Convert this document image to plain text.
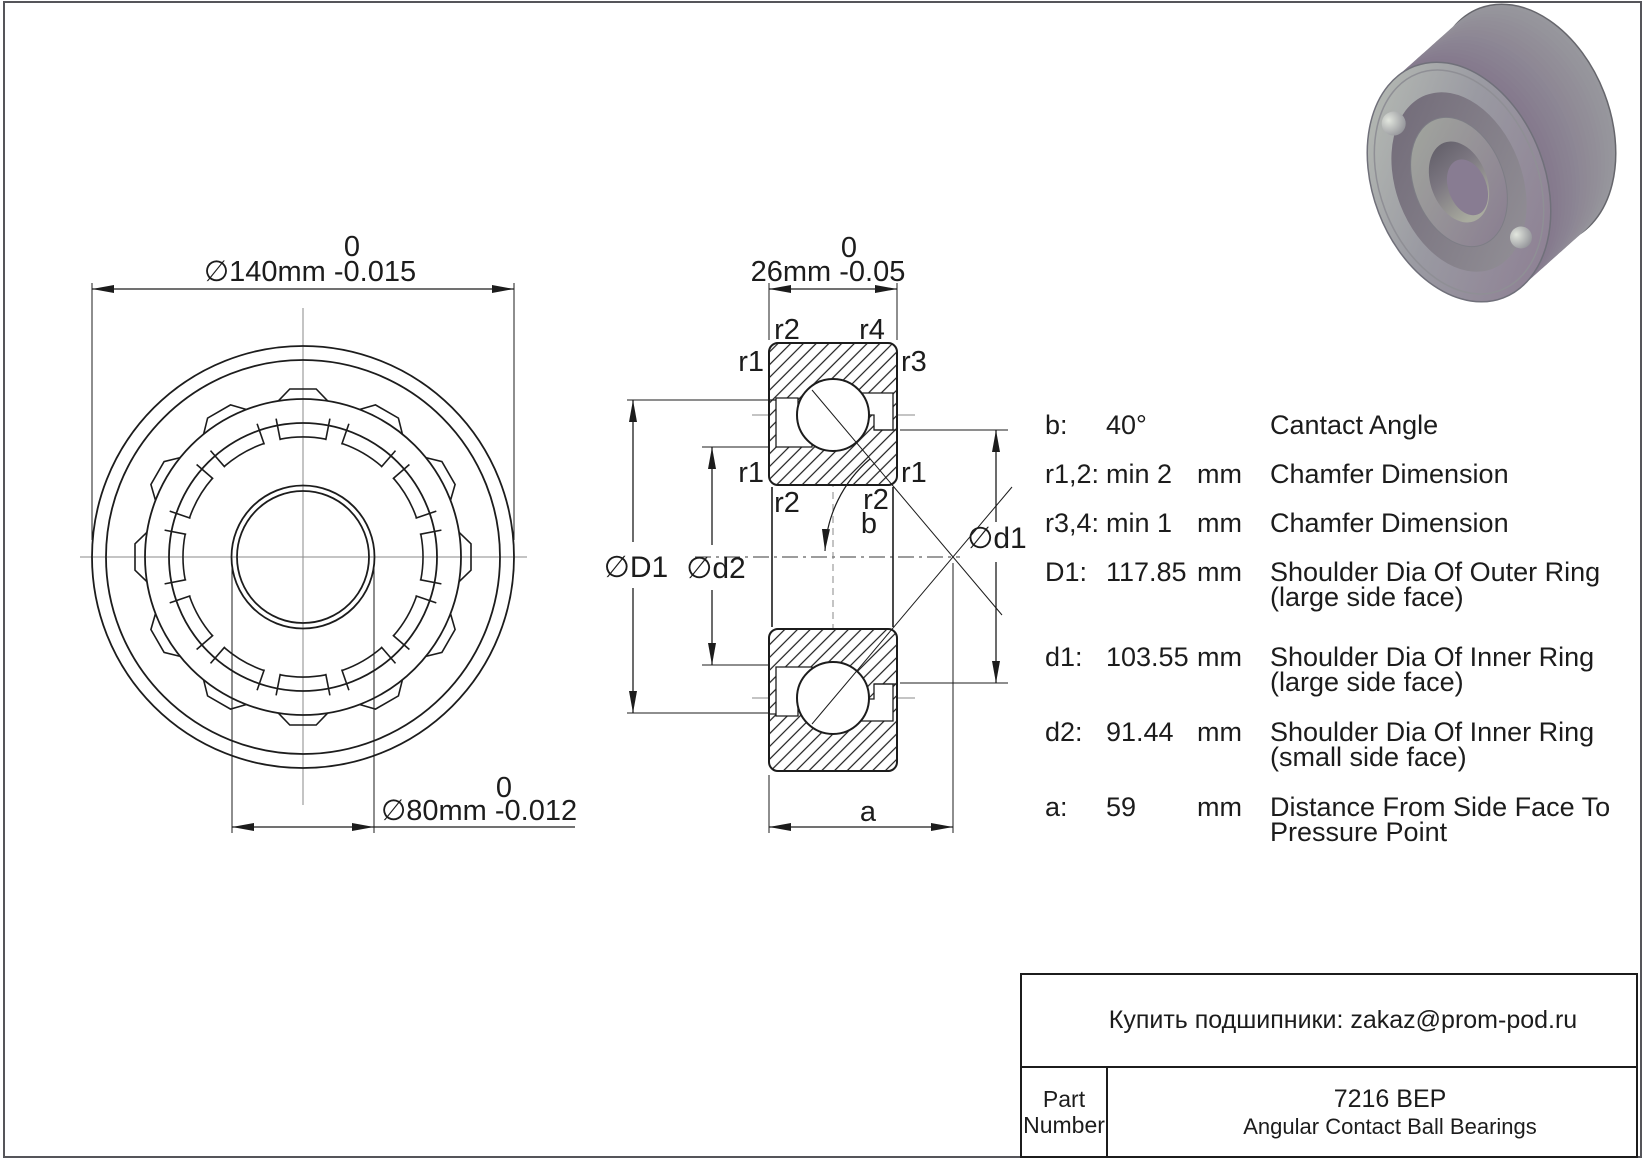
0
∅140mm -0.015
0
∅80mm -0.012
0
26mm -0.05
r2 r4
r1	r3
r1	r1
r2 r2
b
∅D1 ∅d2
∅d1
a
b: 40°	Cantact Angle
r1,2: min 2 mm Chamfer Dimension
r3,4: min 1 mm Chamfer Dimension
D1: 117.85 mm Shoulder Dia Of Outer Ring (large side face)
d1: 103.55 mm Shoulder Dia Of Inner Ring (large side face)
d2: 91.44 mm Shoulder Dia Of Inner Ring (small side face)
a: 59 mm Distance From Side Face To Pressure Point
Купить подшипники: zakaz@prom-pod.ru
Part
Number
7216 BEP
Angular Contact Ball Bearings
